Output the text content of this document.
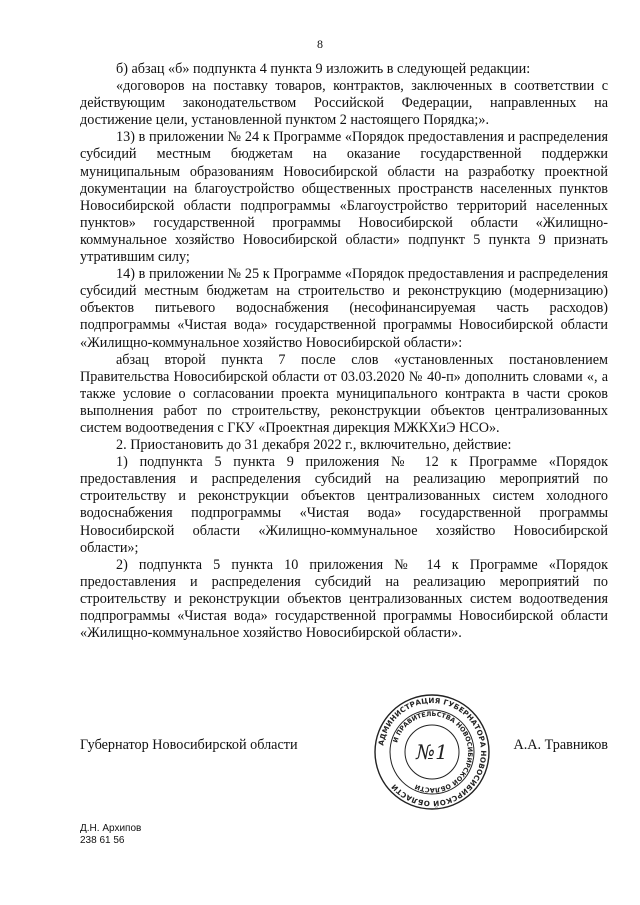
8

б) абзац «б» подпункта 4 пункта 9 изложить в следующей редакции:

«договоров на поставку товаров, контрактов, заключенных в соответствии с действующим законодательством Российской Федерации, направленных на достижение цели, установленной пунктом 2 настоящего Порядка;».

13) в приложении № 24 к Программе «Порядок предоставления и распределения субсидий местным бюджетам на оказание государственной поддержки муниципальным образованиям Новосибирской области на разработку проектной документации на благоустройство общественных пространств населенных пунктов Новосибирской области подпрограммы «Благоустройство территорий населенных пунктов» государственной программы Новосибирской области «Жилищно-коммунальное хозяйство Новосибирской области» подпункт 5 пункта 9 признать утратившим силу;

14) в приложении № 25 к Программе «Порядок предоставления и распределения субсидий местным бюджетам на строительство и реконструкцию (модернизацию) объектов питьевого водоснабжения (несофинансируемая часть расходов) подпрограммы «Чистая вода» государственной программы Новосибирской области «Жилищно-коммунальное хозяйство Новосибирской области»:

абзац второй пункта 7 после слов «установленных постановлением Правительства Новосибирской области от 03.03.2020 № 40-п» дополнить словами «, а также условие о согласовании проекта муниципального контракта в части сроков выполнения работ по строительству, реконструкции объектов централизованных систем водоотведения с ГКУ «Проектная дирекция МЖКХиЭ НСО».

2. Приостановить до 31 декабря 2022 г., включительно, действие:

1) подпункта 5 пункта 9 приложения № 12 к Программе «Порядок предоставления и распределения субсидий на реализацию мероприятий по строительству и реконструкции объектов централизованных систем холодного водоснабжения подпрограммы «Чистая вода» государственной программы Новосибирской области «Жилищно-коммунальное хозяйство Новосибирской области»;

2) подпункта 5 пункта 10 приложения № 14 к Программе «Порядок предоставления и распределения субсидий на реализацию мероприятий по строительству и реконструкции объектов централизованных систем водоотведения подпрограммы «Чистая вода» государственной программы Новосибирской области «Жилищно-коммунальное хозяйство Новосибирской области».

Губернатор Новосибирской области	А.А. Травников
АДМИНИСТРАЦИЯ ГУБЕРНАТОРА НОВОСИБИРСКОЙ ОБЛАСТИ
И ПРАВИТЕЛЬСТВА НОВОСИБИРСКОЙ ОБЛАСТИ
№1
Д.Н. Архипов
238 61 56
